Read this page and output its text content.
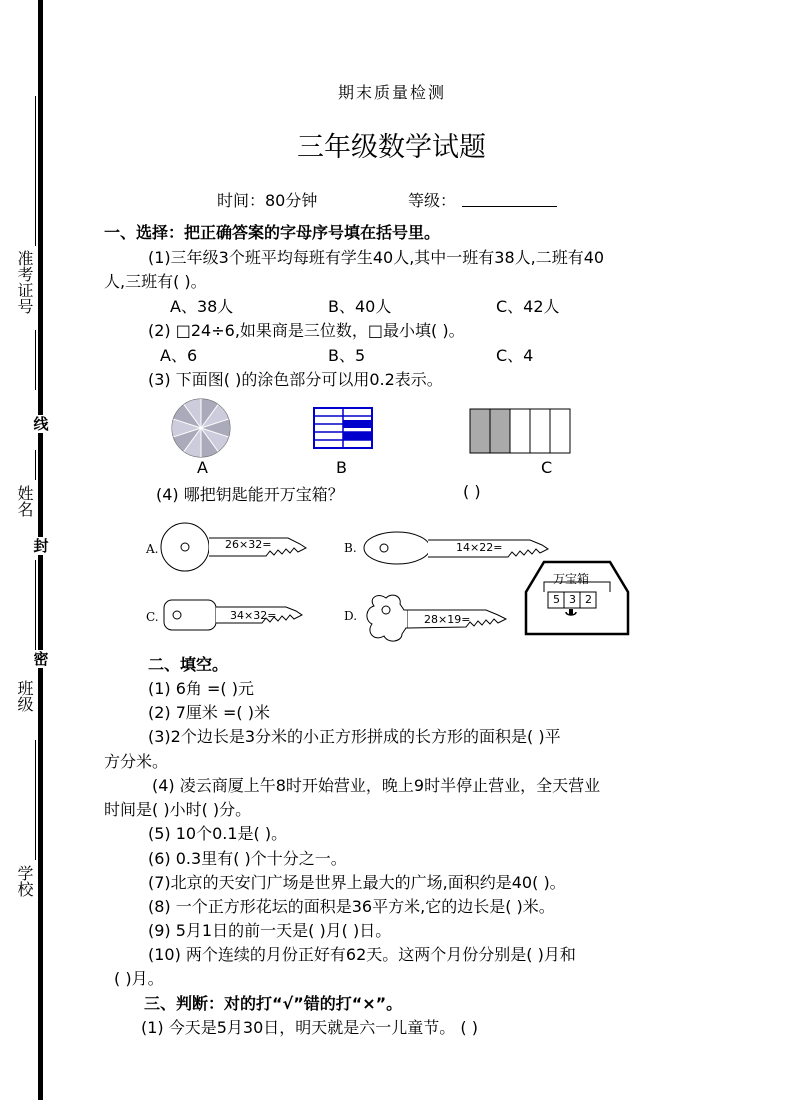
准考证号
姓名
班级
学校
线
封
密
期末质量检测
三年级数学试题
时间：80分钟	等级：
一、选择：把正确答案的字母序号填在括号里。
(1)三年级3个班平均每班有学生40人,其中一班有38人,二班有40
人,三班有( )。
A、38人	B、40人	C、42人
(2) □24÷6,如果商是三位数，□最小填( )。
A、6	B、5	C、4
(3) 下面图( )的涂色部分可以用0.2表示。
A	B	C
(4) 哪把钥匙能开万宝箱？	( )
A.	26×32=	B.	14×22=
C.	34×32=	D.	28×19=
万宝箱
5 3 2
二、填空。
(1) 6角 =( )元
(2) 7厘米 =( )米
(3)2个边长是3分米的小正方形拼成的长方形的面积是( )平
方分米。
(4) 凌云商厦上午8时开始营业，晚上9时半停止营业，全天营业
时间是( )小时( )分。
(5) 10个0.1是( )。
(6) 0.3里有( )个十分之一。
(7)北京的天安门广场是世界上最大的广场,面积约是40( )。
(8) 一个正方形花坛的面积是36平方米,它的边长是( )米。
(9) 5月1日的前一天是( )月( )日。
(10) 两个连续的月份正好有62天。这两个月份分别是( )月和
( )月。
三、判断：对的打“√”错的打“×”。
(1) 今天是5月30日，明天就是六一儿童节。 ( )
